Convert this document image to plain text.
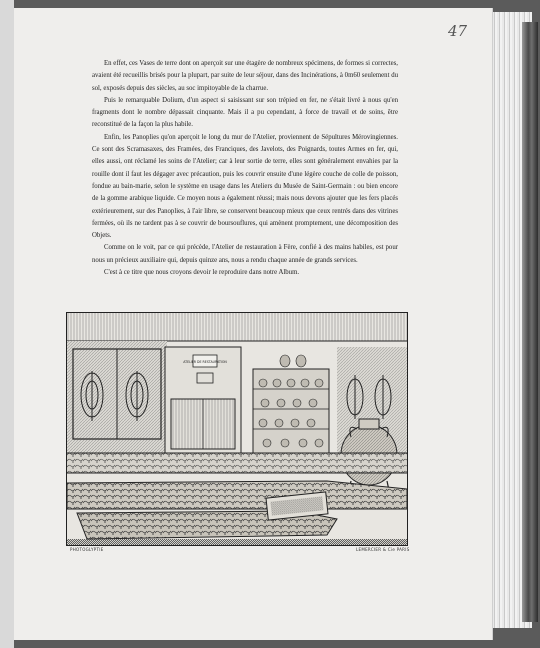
47

En effet, ces Vases de terre dont on aperçoit sur une étagère de nombreux spécimens, de formes si correctes, avaient été recueillis brisés pour la plupart, par suite de leur séjour, dans des Incinérations, à 0m60 seulement du sol, exposés depuis des siècles, au soc impitoyable de la charrue.

Puis le remarquable Dolium, d'un aspect si saisissant sur son trépied en fer, ne s'était livré à nous qu'en fragments dont le nombre dépassait cinquante. Mais il a pu cependant, à force de travail et de soins, être reconstitué de la façon la plus habile.

Enfin, les Panoplies qu'on aperçoit le long du mur de l'Atelier, proviennent de Sépultures Mérovingiennes. Ce sont des Scramasaxes, des Framées, des Franciques, des Javelots, des Poignards, toutes Armes en fer, qui, elles aussi, ont réclamé les soins de l'Atelier; car à leur sortie de terre, elles sont généralement envahies par la rouille dont il faut les dégager avec précaution, puis les couvrir ensuite d'une légère couche de colle de poisson, fondue au bain-marie, selon le système en usage dans les Ateliers du Musée de Saint-Germain : ou bien encore de la gomme arabique liquide. Ce moyen nous a également réussi; mais nous devons ajouter que les fers placés extérieurement, sur des Panoplies, à l'air libre, se conservent beaucoup mieux que ceux rentrés dans des vitrines fermées, où ils ne tardent pas à se couvrir de boursouflures, qui amènent promptement, une décomposition des Objets.

Comme on le voit, par ce qui précède, l'Atelier de restauration à Fère, confié à des mains habiles, est pour nous un précieux auxiliaire qui, depuis quinze ans, nous a rendu chaque année de grands services.

C'est à ce titre que nous croyons devoir le reproduire dans notre Album.

ATELIER DE RESTAURATION
PHOTOGLYPTIE	LEMERCIER & Cie PARIS
